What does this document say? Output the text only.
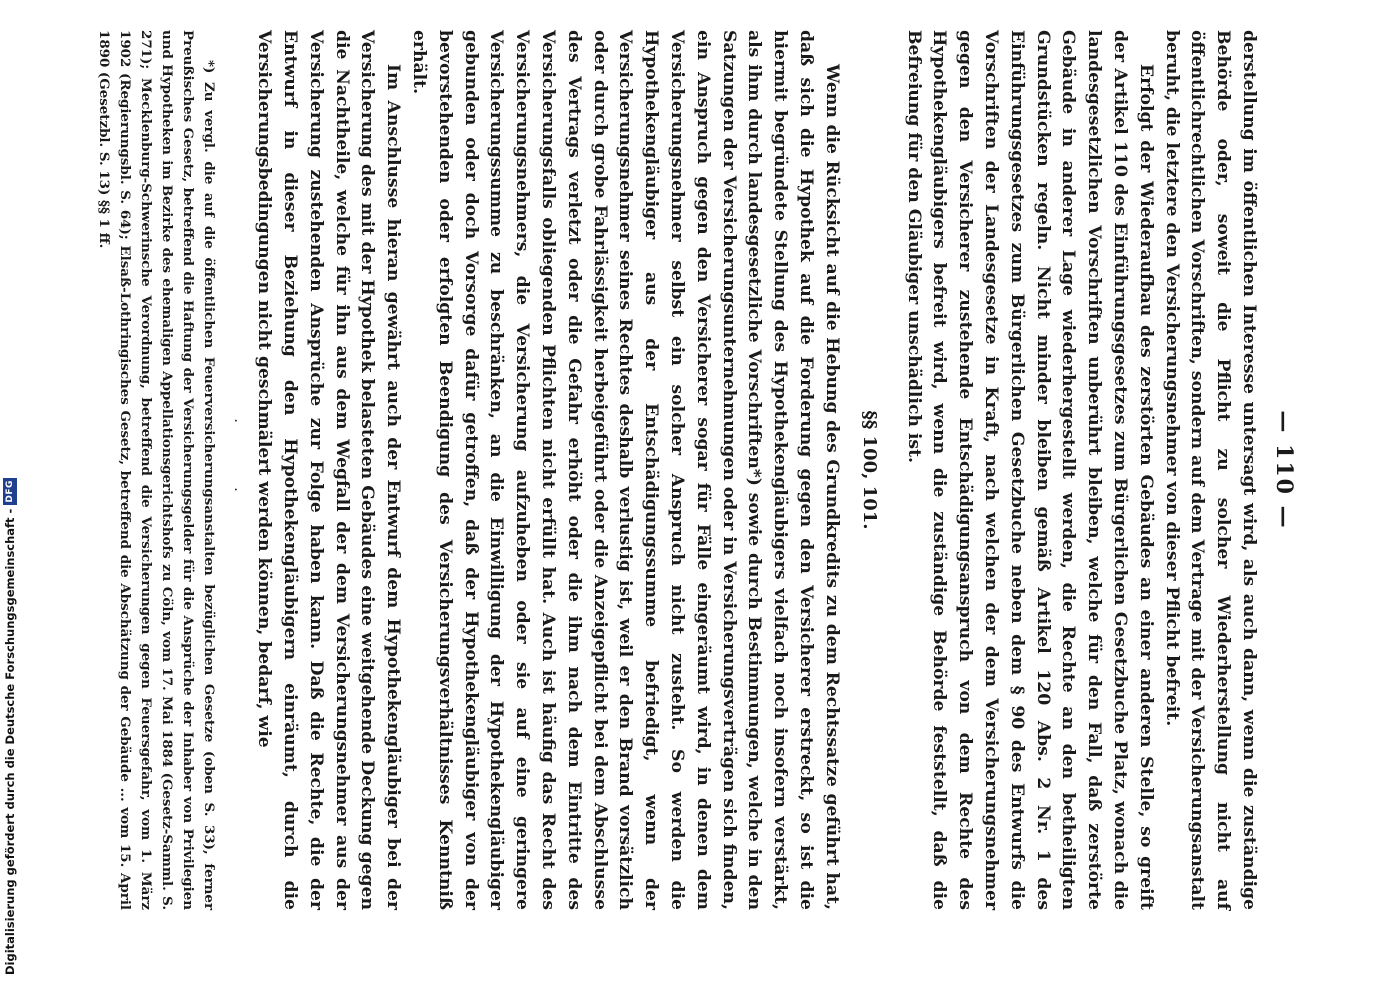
Digitalisierung gefördert durch die Deutsche Forschungsgemeinschaft -
DFG	— 110 —

derstellung im öffentlichen Interesse untersagt wird, als auch dann, wenn die zuständige Behörde oder, soweit die Pflicht zu solcher Wiederherstellung nicht auf öffentlichrechtlichen Vorschriften, sondern auf dem Vertrage mit der Versicherungsanstalt beruht, die letztere den Versicherungsnehmer von dieser Pflicht befreit.

Erfolgt der Wiederaufbau des zerstörten Gebäudes an einer anderen Stelle, so greift der Artikel 110 des Einführungsgesetzes zum Bürgerlichen Gesetzbuche Platz, wonach die landesgesetzlichen Vorschriften unberührt bleiben, welche für den Fall, daß zerstörte Gebäude in anderer Lage wiederhergestellt werden, die Rechte an den betheiligten Grundstücken regeln. Nicht minder bleiben gemäß Artikel 120 Abs. 2 Nr. 1 des Einführungsgesetzes zum Bürgerlichen Gesetzbuche neben dem § 90 des Entwurfs die Vorschriften der Landesgesetze in Kraft, nach welchen der dem Versicherungsnehmer gegen den Versicherer zustehende Entschädigungsanspruch von dem Rechte des Hypothekengläubigers befreit wird, wenn die zuständige Behörde feststellt, daß die Befreiung für den Gläubiger unschädlich ist.

§§ 100, 101.

Wenn die Rücksicht auf die Hebung des Grundkredits zu dem Rechtssatze geführt hat, daß sich die Hypothek auf die Forderung gegen den Versicherer erstreckt, so ist die hiermit begründete Stellung des Hypothekengläubigers vielfach noch insofern verstärkt, als ihm durch landesgesetzliche Vorschriften*) sowie durch Bestimmungen, welche in den Satzungen der Versicherungsunternehmungen oder in Versicherungsverträgen sich finden, ein Anspruch gegen den Versicherer sogar für Fälle eingeräumt wird, in denen dem Versicherungsnehmer selbst ein solcher Anspruch nicht zusteht. So werden die Hypothekengläubiger aus der Entschädigungssumme befriedigt, wenn der Versicherungsnehmer seines Rechtes deshalb verlustig ist, weil er den Brand vorsätzlich oder durch grobe Fahrlässigkeit herbeigeführt oder die Anzeigepflicht bei dem Abschlusse des Vertrags verletzt oder die Gefahr erhöht oder die ihm nach dem Eintritte des Versicherungsfalls obliegenden Pflichten nicht erfüllt hat. Auch ist häufig das Recht des Versicherungsnehmers, die Versicherung aufzuheben oder sie auf eine geringere Versicherungssumme zu beschränken, an die Einwilligung der Hypothekengläubiger gebunden oder doch Vorsorge dafür getroffen, daß der Hypothekengläubiger von der bevorstehenden oder erfolgten Beendigung des Versicherungsverhältnisses Kenntniß erhält.

Im Anschlusse hieran gewährt auch der Entwurf dem Hypothekengläubiger bei der Versicherung des mit der Hypothek belasteten Gebäudes eine weitgehende Deckung gegen die Nachtheile, welche für ihn aus dem Wegfall der dem Versicherungsnehmer aus der Versicherung zustehenden Ansprüche zur Folge haben kann. Daß die Rechte, die der Entwurf in dieser Beziehung den Hypothekengläubigern einräumt, durch die Versicherungsbedingungen nicht geschmälert werden können, bedarf, wie

· ·

*) Zu vergl. die auf die öffentlichen Feuerversicherungsanstalten bezüglichen Gesetze (oben S. 33), ferner Preußisches Gesetz, betreffend die Haftung der Versicherungsgelder für die Ansprüche der Inhaber von Privilegien und Hypotheken im Bezirke des ehemaligen Appellationsgerichtshofs zu Cöln, vom 17. Mai 1884 (Gesetz-Samml. S. 271); Mecklenburg-Schwerinsche Verordnung, betreffend die Versicherungen gegen Feuersgefahr, vom 1. März 1902 (Regierungsbl. S. 64); Elsaß-Lothringisches Gesetz, betreffend die Abschätzung der Gebäude ... vom 15. April 1890 (Gesetzbl. S. 13) §§ 1 ff.
